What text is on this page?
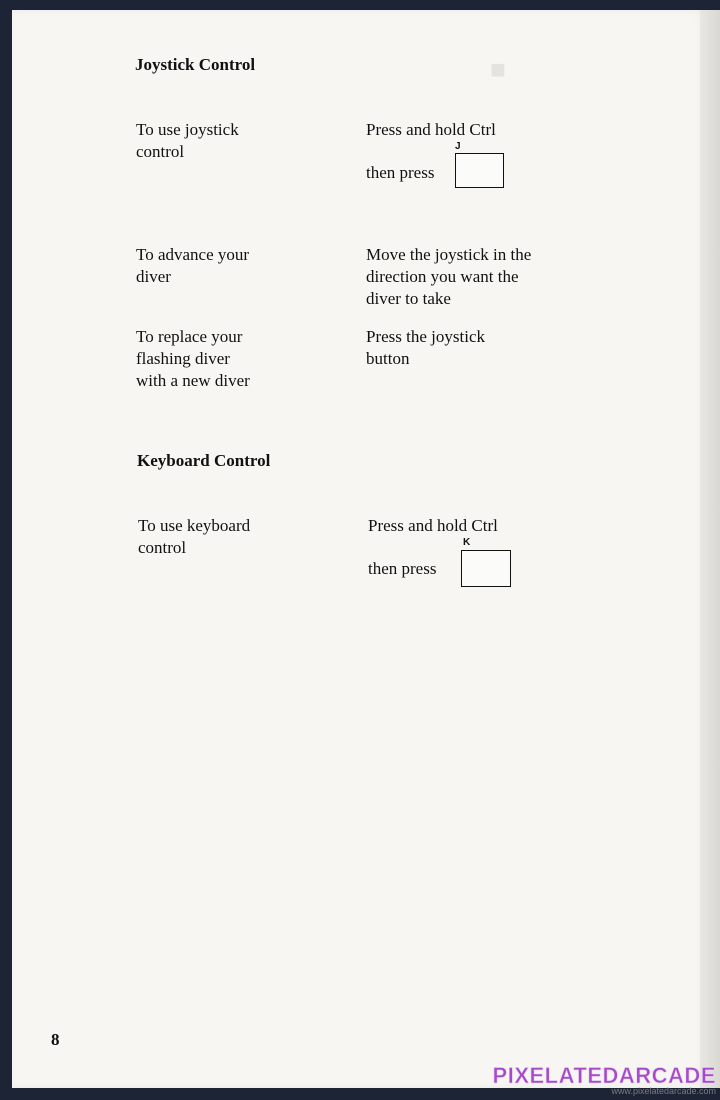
■
Joystick Control
To use joystick
control
Press and hold Ctrl
J
then press
To advance your
diver
Move the joystick in the
direction you want the
diver to take
To replace your
flashing diver
with a new diver
Press the joystick
button
Keyboard Control
To use keyboard
control
Press and hold Ctrl
K
then press
8
PIXELATEDARCADE
www.pixelatedarcade.com
